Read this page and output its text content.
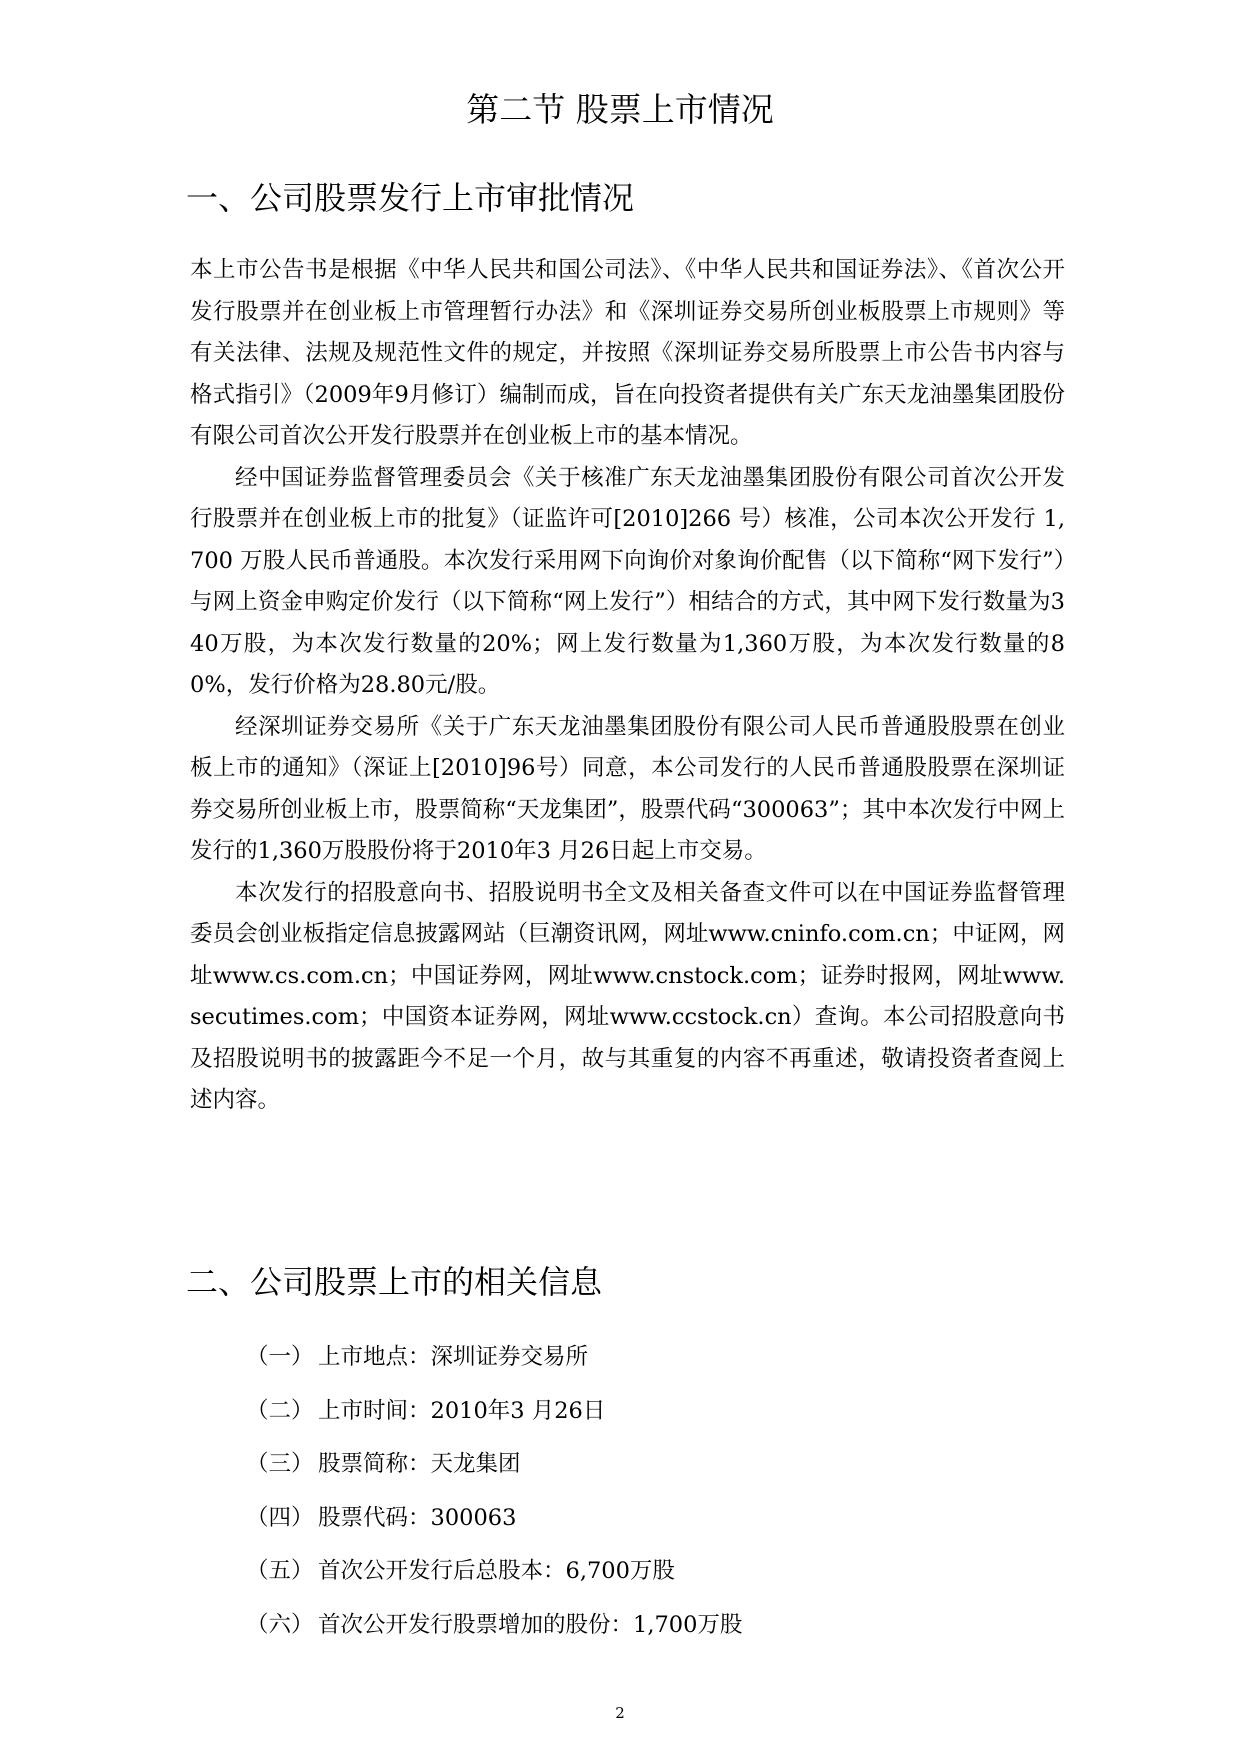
第二节 股票上市情况
一、公司股票发行上市审批情况

本上市公告书是根据《中华人民共和国公司法》、《中华人民共和国证券法》、《首次公开发行股票并在创业板上市管理暂行办法》和《深圳证券交易所创业板股票上市规则》等有关法律、法规及规范性文件的规定，并按照《深圳证券交易所股票上市公告书内容与格式指引》（2009年9月修订）编制而成，旨在向投资者提供有关广东天龙油墨集团股份有限公司首次公开发行股票并在创业板上市的基本情况。

经中国证券监督管理委员会《关于核准广东天龙油墨集团股份有限公司首次公开发行股票并在创业板上市的批复》（证监许可[2010]266 号）核准，公司本次公开发行 1,700 万股人民币普通股。本次发行采用网下向询价对象询价配售（以下简称“网下发行”）与网上资金申购定价发行（以下简称“网上发行”）相结合的方式，其中网下发行数量为340万股，为本次发行数量的20%；网上发行数量为1,360万股，为本次发行数量的80%，发行价格为28.80元/股。

经深圳证券交易所《关于广东天龙油墨集团股份有限公司人民币普通股股票在创业板上市的通知》（深证上[2010]96号）同意，本公司发行的人民币普通股股票在深圳证券交易所创业板上市，股票简称“天龙集团”，股票代码“300063”；其中本次发行中网上发行的1,360万股股份将于2010年3 月26日起上市交易。

本次发行的招股意向书、招股说明书全文及相关备查文件可以在中国证券监督管理委员会创业板指定信息披露网站（巨潮资讯网，网址www.cninfo.com.cn；中证网，网址www.cs.com.cn；中国证券网，网址www.cnstock.com；证券时报网，网址www.secutimes.com；中国资本证券网，网址www.ccstock.cn）查询。本公司招股意向书及招股说明书的披露距今不足一个月，故与其重复的内容不再重述，敬请投资者查阅上述内容。

二、公司股票上市的相关信息
（一） 上市地点：深圳证券交易所
（二） 上市时间：2010年3 月26日
（三） 股票简称：天龙集团
（四） 股票代码：300063
（五） 首次公开发行后总股本：6,700万股
（六） 首次公开发行股票增加的股份：1,700万股
2
